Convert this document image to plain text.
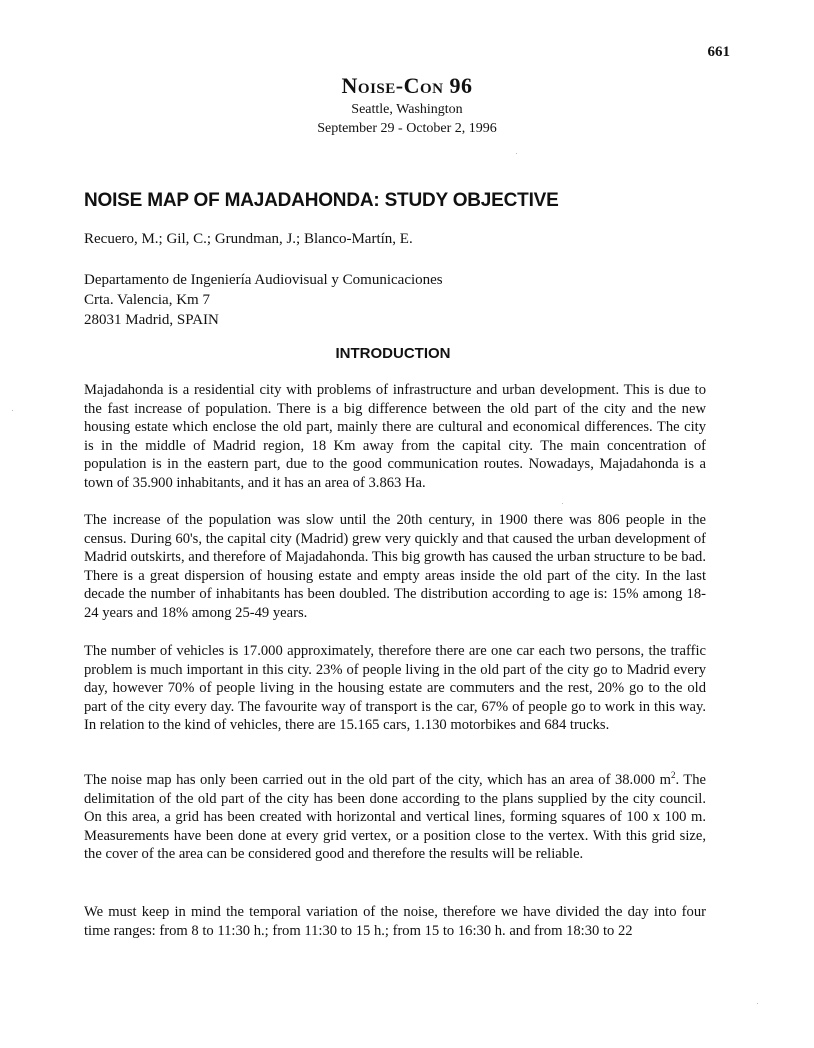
661
Noise-Con 96
Seattle, Washington
September 29 - October 2, 1996
NOISE MAP OF MAJADAHONDA: STUDY OBJECTIVE
Recuero, M.; Gil, C.; Grundman, J.; Blanco-Martín, E.
Departamento de Ingeniería Audiovisual y Comunicaciones
Crta. Valencia, Km 7
28031 Madrid, SPAIN
INTRODUCTION

Majadahonda is a residential city with problems of infrastructure and urban development. This is due to the fast increase of population. There is a big difference between the old part of the city and the new housing estate which enclose the old part, mainly there are cultural and economical differences. The city is in the middle of Madrid region, 18 Km away from the capital city. The main concentration of population is in the eastern part, due to the good communication routes. Nowadays, Majadahonda is a town of 35.900 inhabitants, and it has an area of 3.863 Ha.

The increase of the population was slow until the 20th century, in 1900 there was 806 people in the census. During 60's, the capital city (Madrid) grew very quickly and that caused the urban development of Madrid outskirts, and therefore of Majadahonda. This big growth has caused the urban structure to be bad. There is a great dispersion of housing estate and empty areas inside the old part of the city. In the last decade the number of inhabitants has been doubled. The distribution according to age is: 15% among 18-24 years and 18% among 25-49 years.

The number of vehicles is 17.000 approximately, therefore there are one car each two persons, the traffic problem is much important in this city. 23% of people living in the old part of the city go to Madrid every day, however 70% of people living in the housing estate are commuters and the rest, 20% go to the old part of the city every day. The favourite way of transport is the car, 67% of people go to work in this way. In relation to the kind of vehicles, there are 15.165 cars, 1.130 motorbikes and 684 trucks.

The noise map has only been carried out in the old part of the city, which has an area of 38.000 $m^2$. The delimitation of the old part of the city has been done according to the plans supplied by the city council. On this area, a grid has been created with horizontal and vertical lines, forming squares of 100 x 100 m. Measurements have been done at every grid vertex, or a position close to the vertex. With this grid size, the cover of the area can be considered good and therefore the results will be reliable.

We must keep in mind the temporal variation of the noise, therefore we have divided the day into four time ranges: from 8 to 11:30 h.; from 11:30 to 15 h.; from 15 to 16:30 h. and from 18:30 to 22
